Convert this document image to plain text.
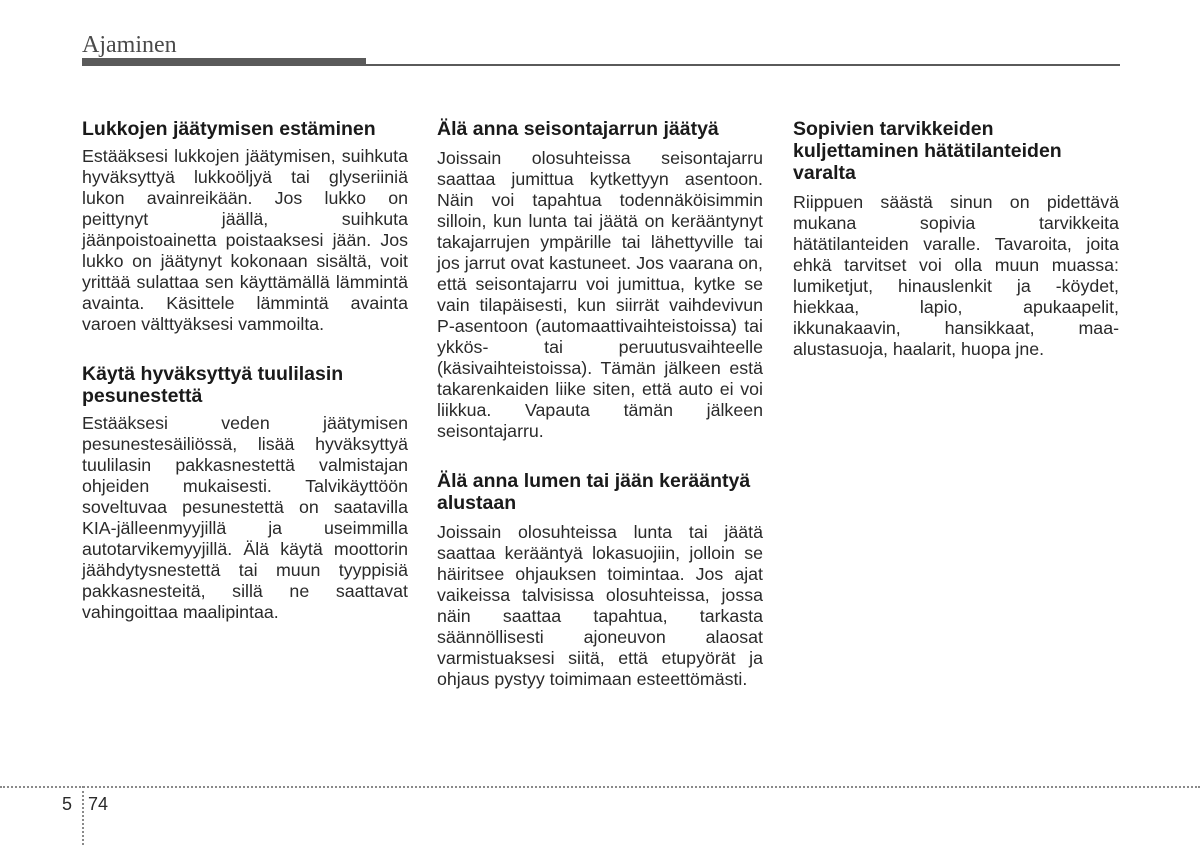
Ajaminen
Lukkojen jäätymisen estäminen

Estääksesi lukkojen jäätymisen, suihkuta hyväksyttyä lukkoöljyä tai glyseriiniä lukon avainreikään. Jos lukko on peittynyt jäällä, suihkuta jäänpoistoainetta poistaaksesi jään. Jos lukko on jäätynyt kokonaan sisältä, voit yrittää sulattaa sen käyttämällä lämmintä avainta. Käsittele lämmintä avainta varoen välttyäksesi vammoilta.

Käytä hyväksyttyä tuulilasin pesunestettä

Estääksesi veden jäätymisen pesunestesäiliössä, lisää hyväksyttyä tuulilasin pakkasnestettä valmistajan ohjeiden mukaisesti. Talvikäyttöön soveltuvaa pesunestettä on saatavilla KIA-jälleenmyyjillä ja useimmilla autotarvikemyyjillä. Älä käytä moottorin jäähdytysnestettä tai muun tyyppisiä pakkasnesteitä, sillä ne saattavat vahingoittaa maalipintaa.

Älä anna seisontajarrun jäätyä

Joissain olosuhteissa seisontajarru saattaa jumittua kytkettyyn asentoon. Näin voi tapahtua todennäköisimmin silloin, kun lunta tai jäätä on kerääntynyt takajarrujen ympärille tai lähettyville tai jos jarrut ovat kastuneet. Jos vaarana on, että seisontajarru voi jumittua, kytke se vain tilapäisesti, kun siirrät vaihdevivun P-asentoon (automaattivaihteistoissa) tai ykkös- tai peruutusvaihteelle (käsivaihteistoissa). Tämän jälkeen estä takarenkaiden liike siten, että auto ei voi liikkua. Vapauta tämän jälkeen seisontajarru.

Älä anna lumen tai jään kerääntyä alustaan

Joissain olosuhteissa lunta tai jäätä saattaa kerääntyä lokasuojiin, jolloin se häiritsee ohjauksen toimintaa. Jos ajat vaikeissa talvisissa olosuhteissa, jossa näin saattaa tapahtua, tarkasta säännöllisesti ajoneuvon alaosat varmistuaksesi siitä, että etupyörät ja ohjaus pystyy toimimaan esteettömästi.

Sopivien tarvikkeiden kuljettaminen hätätilanteiden varalta

Riippuen säästä sinun on pidettävä mukana sopivia tarvikkeita hätätilanteiden varalle. Tavaroita, joita ehkä tarvitset voi olla muun muassa: lumiketjut, hinauslenkit ja -köydet, hiekkaa, lapio, apukaapelit, ikkunakaavin, hansikkaat, maa-alustasuoja, haalarit, huopa jne.

5 74
